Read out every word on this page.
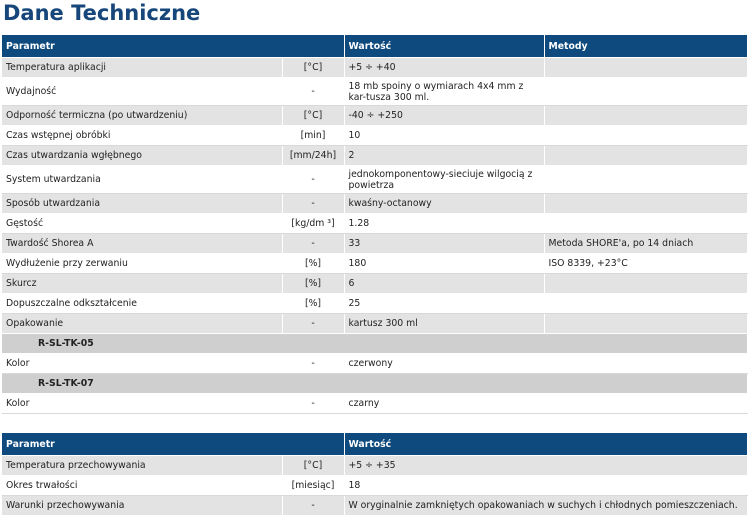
Dane Techniczne
Parametr		Wartość	Metody
Temperatura aplikacji	[°C]	+5 ÷ +40	
Wydajność	-	18 mb spoiny o wymiarach 4x4 mm z kar-tusza 300 ml.	

Odporność termiczna (po utwardzeniu)	[°C]	-40 ÷ +250	
Czas wstępnej obróbki	[min]	10	
Czas utwardzania wgłębnego	[mm/24h]	2	
System utwardzania	-	jednokomponentowy-sieciuje wilgocią z powietrza	

Sposób utwardzania	-	kwaśny-octanowy	
Gęstość	[kg/dm ³]	1.28	
Twardość Shorea A	-	33	Metoda SHORE'a, po 14 dniach
Wydłużenie przy zerwaniu	[%]	180	ISO 8339, +23°C
Skurcz	[%]	6	
Dopuszczalne odkształcenie	[%]	25	
Opakowanie	-	kartusz 300 ml	
R-SL-TK-05			
Kolor	-	czerwony	
R-SL-TK-07			
Kolor	-	czarny	
Parametr		Wartość
Temperatura przechowywania	[°C]	+5 ÷ +35
Okres trwałości	[miesiąc]	18
Warunki przechowywania	-	W oryginalnie zamkniętych opakowaniach w suchych i chłodnych pomieszczeniach.
